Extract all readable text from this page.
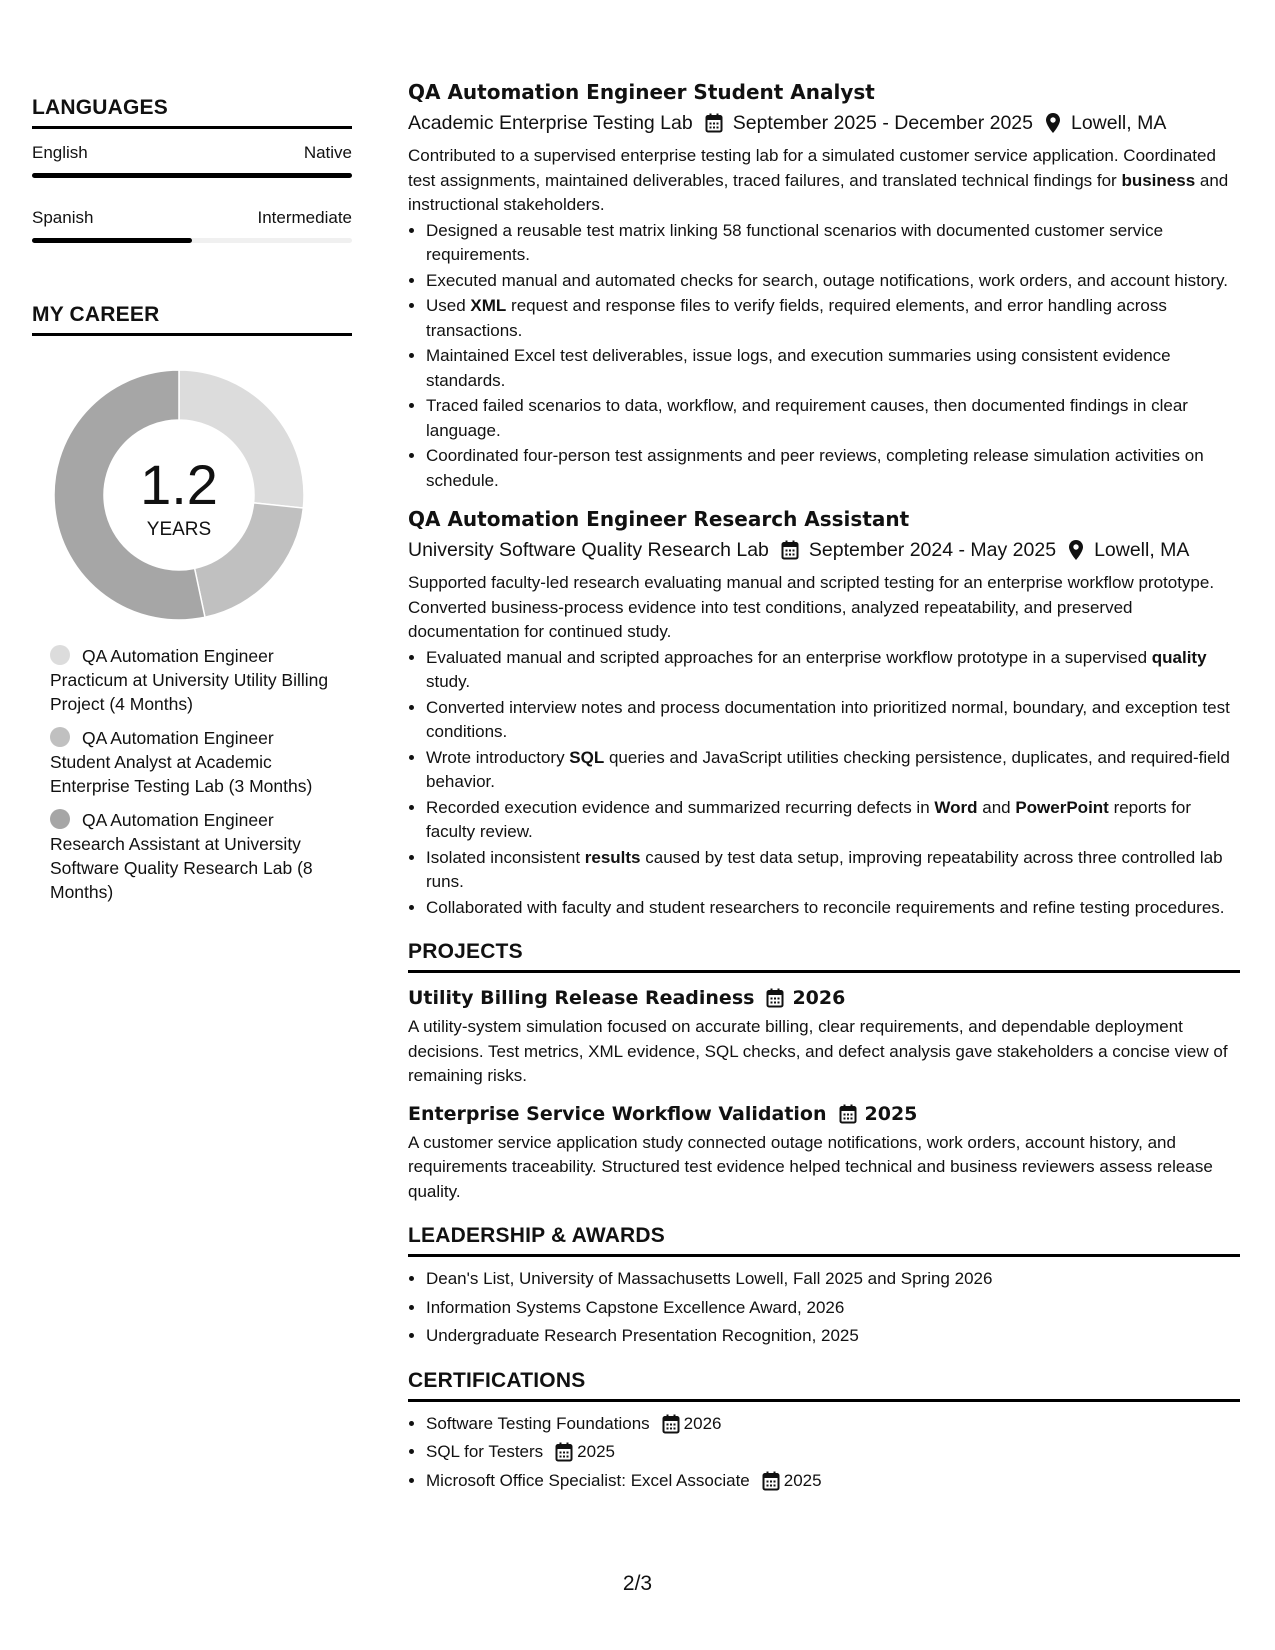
LANGUAGES
English	Native
Spanish	Intermediate
MY CAREER
1.2
YEARS
QA Automation Engineer Practicum at University Utility Billing Project (4 Months)
QA Automation Engineer Student Analyst at Academic Enterprise Testing Lab (3 Months)
QA Automation Engineer Research Assistant at University Software Quality Research Lab (8 Months)
QA Automation Engineer Student Analyst
Academic Enterprise Testing Lab September 2025 - December 2025 Lowell, MA
Contributed to a supervised enterprise testing lab for a simulated customer service application. Coordinated test assignments, maintained deliverables, traced failures, and translated technical findings for business and instructional stakeholders.
• Designed a reusable test matrix linking 58 functional scenarios with documented customer service requirements.
• Executed manual and automated checks for search, outage notifications, work orders, and account history.
• Used XML request and response files to verify fields, required elements, and error handling across transactions.
• Maintained Excel test deliverables, issue logs, and execution summaries using consistent evidence standards.
• Traced failed scenarios to data, workflow, and requirement causes, then documented findings in clear language.
• Coordinated four-person test assignments and peer reviews, completing release simulation activities on schedule.
QA Automation Engineer Research Assistant
University Software Quality Research Lab September 2024 - May 2025 Lowell, MA
Supported faculty-led research evaluating manual and scripted testing for an enterprise workflow prototype. Converted business-process evidence into test conditions, analyzed repeatability, and preserved documentation for continued study.
• Evaluated manual and scripted approaches for an enterprise workflow prototype in a supervised quality study.
• Converted interview notes and process documentation into prioritized normal, boundary, and exception test conditions.
• Wrote introductory SQL queries and JavaScript utilities checking persistence, duplicates, and required-field behavior.
• Recorded execution evidence and summarized recurring defects in Word and PowerPoint reports for faculty review.
• Isolated inconsistent results caused by test data setup, improving repeatability across three controlled lab runs.
• Collaborated with faculty and student researchers to reconcile requirements and refine testing procedures.
PROJECTS
Utility Billing Release Readiness 2026
A utility-system simulation focused on accurate billing, clear requirements, and dependable deployment decisions. Test metrics, XML evidence, SQL checks, and defect analysis gave stakeholders a concise view of remaining risks.
Enterprise Service Workflow Validation 2025
A customer service application study connected outage notifications, work orders, account history, and requirements traceability. Structured test evidence helped technical and business reviewers assess release quality.
LEADERSHIP & AWARDS
• Dean's List, University of Massachusetts Lowell, Fall 2025 and Spring 2026
• Information Systems Capstone Excellence Award, 2026
• Undergraduate Research Presentation Recognition, 2025
CERTIFICATIONS
• Software Testing Foundations 2026
• SQL for Testers 2025
• Microsoft Office Specialist: Excel Associate 2025
2/3
